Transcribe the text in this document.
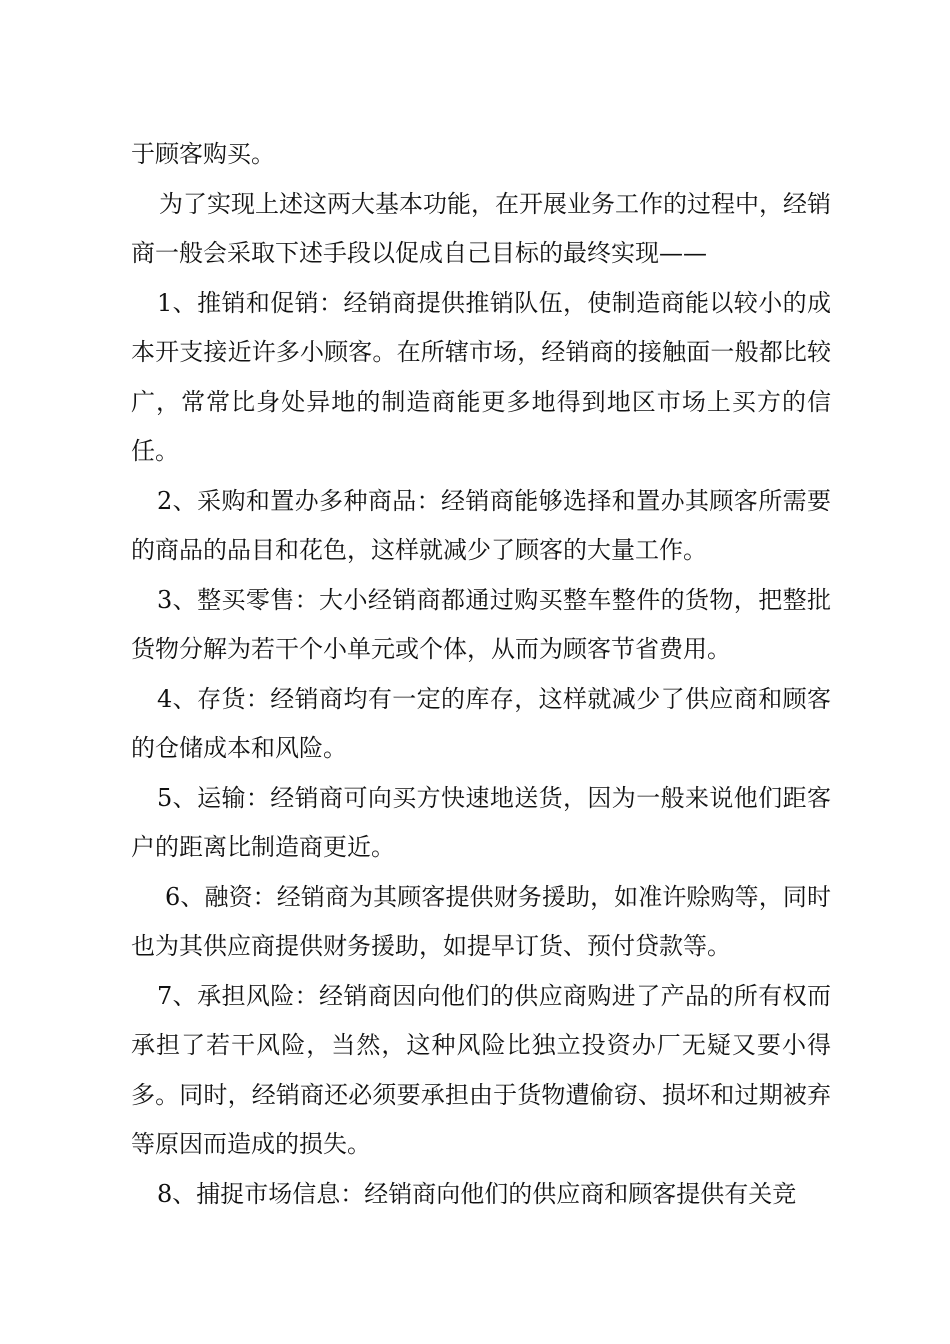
于顾客购买。

为了实现上述这两大基本功能，在开展业务工作的过程中，经销商一般会采取下述手段以促成自己目标的最终实现——

1、推销和促销：经销商提供推销队伍，使制造商能以较小的成本开支接近许多小顾客。在所辖市场，经销商的接触面一般都比较广，常常比身处异地的制造商能更多地得到地区市场上买方的信任。

2、采购和置办多种商品：经销商能够选择和置办其顾客所需要的商品的品目和花色，这样就减少了顾客的大量工作。

3、整买零售：大小经销商都通过购买整车整件的货物，把整批货物分解为若干个小单元或个体，从而为顾客节省费用。

4、存货：经销商均有一定的库存，这样就减少了供应商和顾客的仓储成本和风险。

5、运输：经销商可向买方快速地送货，因为一般来说他们距客户的距离比制造商更近。

6、融资：经销商为其顾客提供财务援助，如准许赊购等，同时也为其供应商提供财务援助，如提早订货、预付贷款等。

7、承担风险：经销商因向他们的供应商购进了产品的所有权而承担了若干风险，当然，这种风险比独立投资办厂无疑又要小得多。同时，经销商还必须要承担由于货物遭偷窃、损坏和过期被弃等原因而造成的损失。

8、捕捉市场信息：经销商向他们的供应商和顾客提供有关竞
